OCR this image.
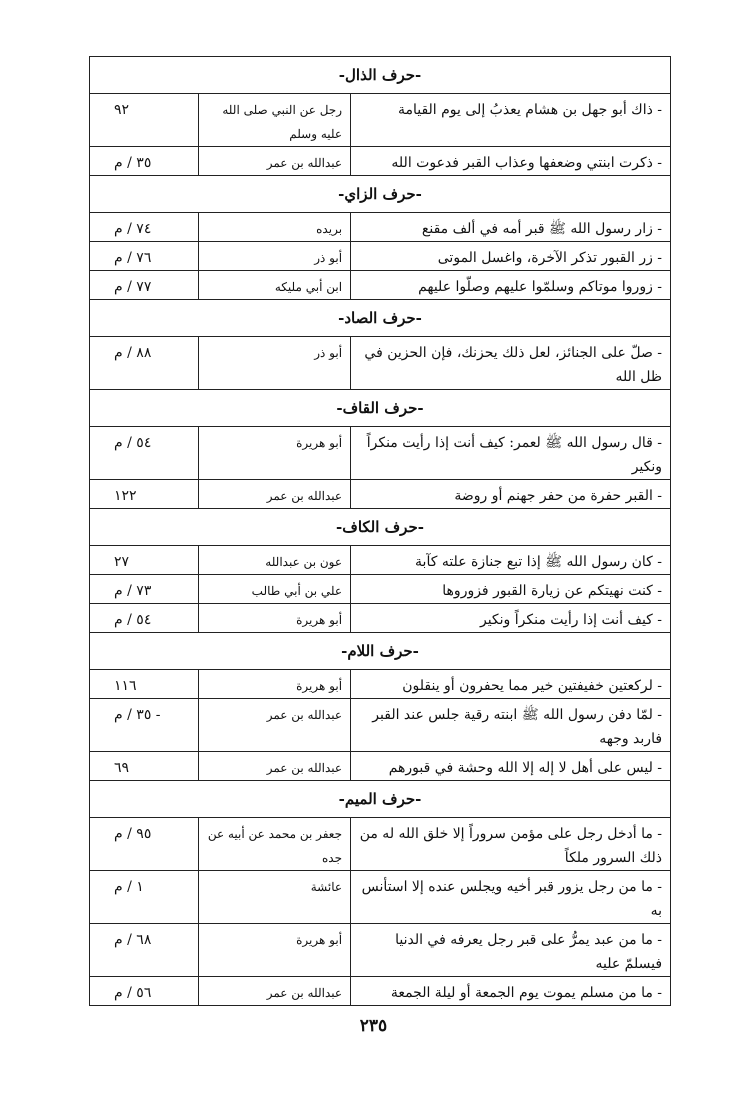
-حرف الذال-		
- ذاك أبو جهل بن هشام يعذبُ إلى يوم القيامة	رجل عن النبي صلى الله عليه وسلم	٩٢
- ذكرت ابنتي وضعفها وعذاب القبر فدعوت الله	عبدالله بن عمر	٣٥ / م
-حرف الزاي-		
- زار رسول الله ﷺ قبر أمه في ألف مقنع	بريده	٧٤ / م
- زر القبور تذكر الآخرة، واغسل الموتى	أبو ذر	٧٦ / م
- زوروا موتاكم وسلمّوا عليهم وصلّوا عليهم	ابن أبي مليكه	٧٧ / م
-حرف الصاد-		
- صلّ على الجنائز، لعل ذلك يحزنك، فإن الحزين في ظل الله	أبو ذر	٨٨ / م
-حرف القاف-		
- قال رسول الله ﷺ لعمر: كيف أنت إذا رأيت منكراً ونكير	أبو هريرة	٥٤ / م
- القبر حفرة من حفر جهنم أو روضة	عبدالله بن عمر	١٢٢
-حرف الكاف-		
- كان رسول الله ﷺ إذا تبع جنازة علته كآبة	عون بن عبدالله	٢٧
- كنت نهيتكم عن زيارة القبور فزوروها	علي بن أبي طالب	٧٣ / م
- كيف أنت إذا رأيت منكراً ونكير	أبو هريرة	٥٤ / م
-حرف اللام-		
- لركعتين خفيفتين خير مما يحفرون أو ينقلون	أبو هريرة	١١٦
- لمّا دفن رسول الله ﷺ ابنته رقية جلس عند القبر فاربد وجهه	عبدالله بن عمر	٣٥ / م -
- ليس على أهل لا إله إلا الله وحشة في قبورهم	عبدالله بن عمر	٦٩
-حرف الميم-		
- ما أدخل رجل على مؤمن سروراً إلا خلق الله له من ذلك السرور ملكاً	جعفر بن محمد عن أبيه عن جده	٩٥ / م
- ما من رجل يزور قبر أخيه ويجلس عنده إلا استأنس به	عائشة	١ / م
- ما من عبد يمرُّ على قبر رجل يعرفه في الدنيا فيسلمّ عليه	أبو هريرة	٦٨ / م
- ما من مسلم يموت يوم الجمعة أو ليلة الجمعة	عبدالله بن عمر	٥٦ / م
٢٣٥
